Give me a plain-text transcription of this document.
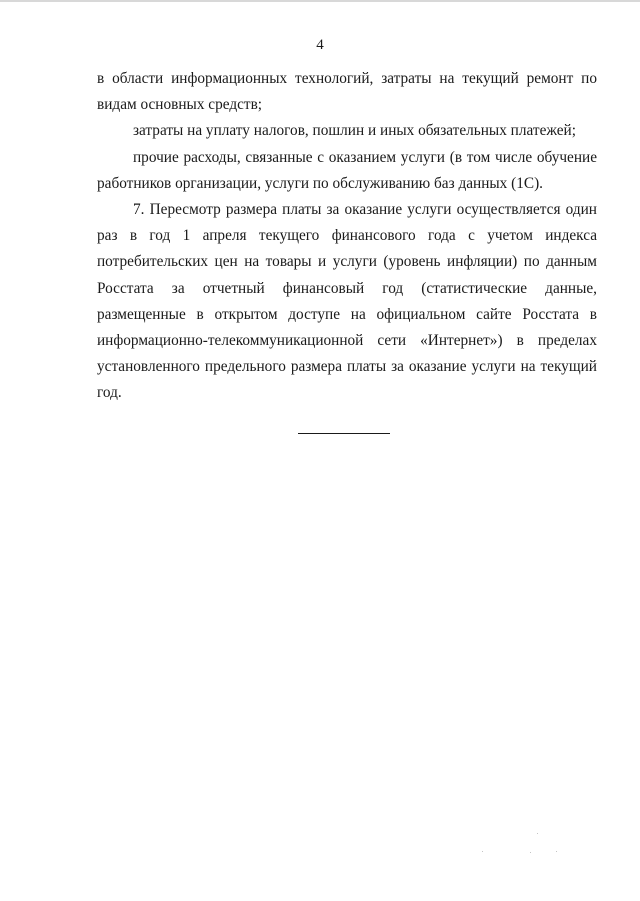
4

в области информационных технологий, затраты на текущий ремонт по видам основных средств;

затраты на уплату налогов, пошлин и иных обязательных платежей;

прочие расходы, связанные с оказанием услуги (в том числе обучение работников организации, услуги по обслуживанию баз данных (1С).

7. Пересмотр размера платы за оказание услуги осуществляется один раз в год 1 апреля текущего финансового года с учетом индекса потребительских цен на товары и услуги (уровень инфляции) по данным Росстата за отчетный финансовый год (статистические данные, размещенные в открытом доступе на официальном сайте Росстата в информационно-телекоммуникационной сети «Интернет») в пределах установленного предельного размера платы за оказание услуги на текущий год.
